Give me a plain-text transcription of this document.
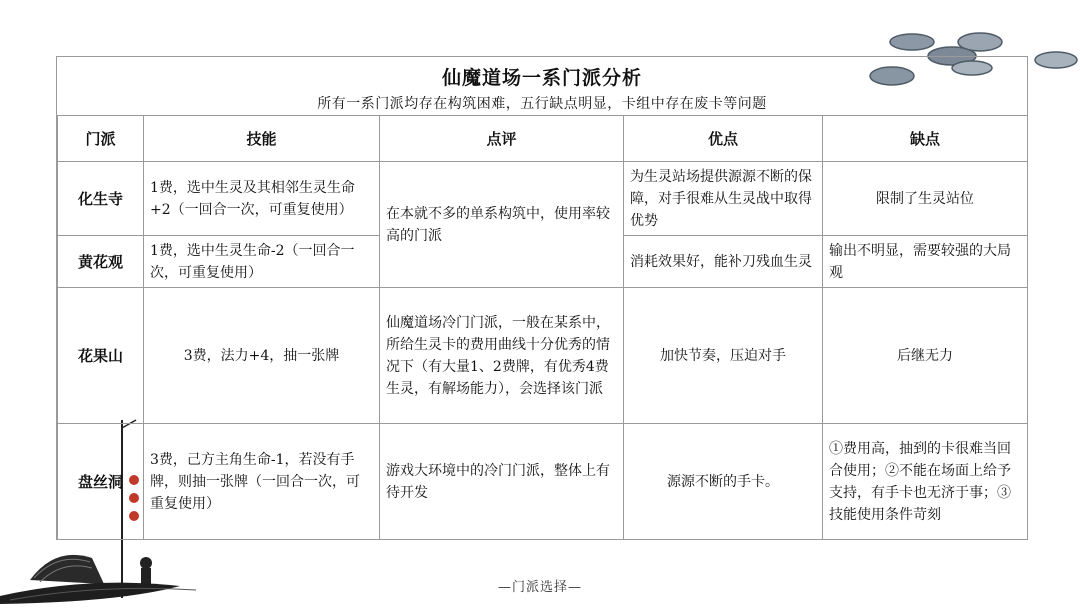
仙魔道场一系门派分析
所有一系门派均存在构筑困难，五行缺点明显，卡组中存在废卡等问题
门派	技能	点评	优点	缺点
化生寺	1费，选中生灵及其相邻生灵生命+2（一回合一次，可重复使用）	在本就不多的单系构筑中，使用率较高的门派	为生灵站场提供源源不断的保障，对手很难从生灵战中取得优势	限制了生灵站位
黄花观	1费，选中生灵生命-2（一回合一次，可重复使用）		消耗效果好，能补刀残血生灵	输出不明显，需要较强的大局观
花果山	3费，法力+4，抽一张牌	仙魔道场冷门门派，一般在某系中，所给生灵卡的费用曲线十分优秀的情况下（有大量1、2费牌，有优秀4费生灵，有解场能力），会选择该门派	加快节奏，压迫对手	后继无力
盘丝洞	3费，己方主角生命-1，若没有手牌，则抽一张牌（一回合一次，可重复使用）	游戏大环境中的冷门门派，整体上有待开发	源源不断的手卡。	①费用高，抽到的卡很难当回合使用；②不能在场面上给予支持，有手卡也无济于事；③技能使用条件苛刻
—门派选择—
